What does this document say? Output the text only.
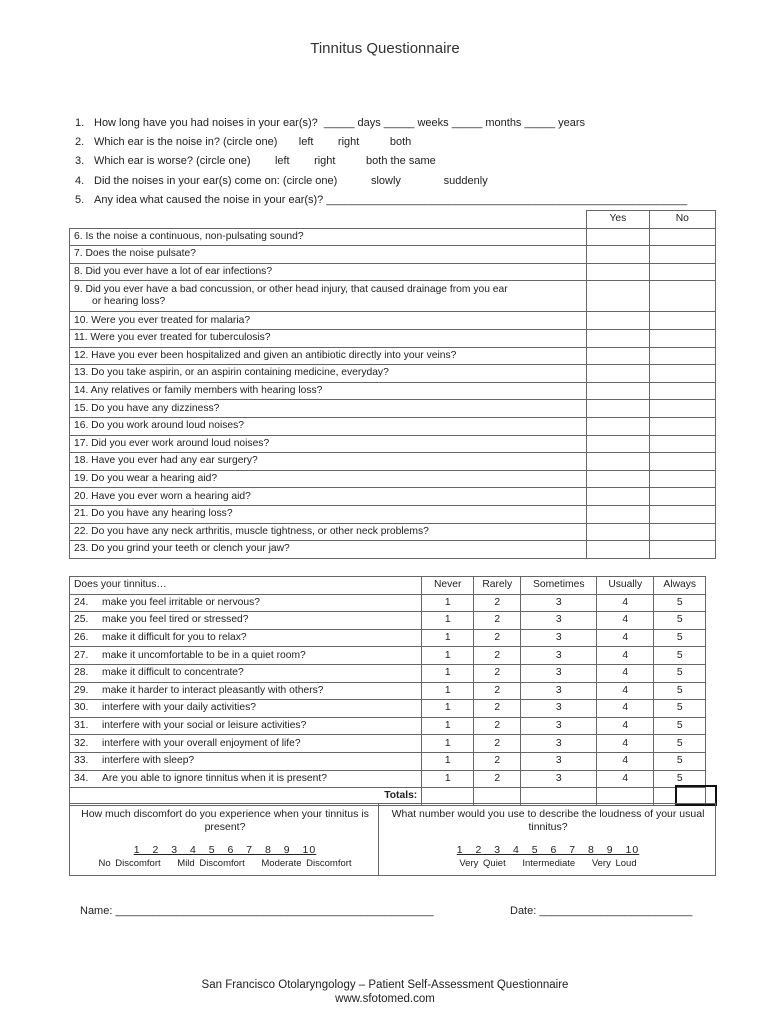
Tinnitus Questionnaire
1. How long have you had noises in your ear(s)?  _____ days _____ weeks _____ months _____ years
2. Which ear is the noise in? (circle one)       left        right          both
3. Which ear is worse? (circle one)        left        right          both the same
4. Did the noises in your ear(s) come on: (circle one)           slowly              suddenly
5. Any idea what caused the noise in your ear(s)? ___________________________________________________________
	Yes	No
6. Is the noise a continuous, non-pulsating sound?		
7. Does the noise pulsate?		
8. Did you ever have a lot of ear infections?		
9. Did you ever have a bad concussion, or other head injury, that caused drainage from you ear
or hearing loss?		

10. Were you ever treated for malaria?		
11. Were you ever treated for tuberculosis?		
12. Have you ever been hospitalized and given an antibiotic directly into your veins?		
13. Do you take aspirin, or an aspirin containing medicine, everyday?		
14. Any relatives or family members with hearing loss?		
15. Do you have any dizziness?		
16. Do you work around loud noises?		
17. Did you ever work around loud noises?		
18. Have you ever had any ear surgery?		
19. Do you wear a hearing aid?		
20. Have you ever worn a hearing aid?		
21. Do you have any hearing loss?		
22. Do you have any neck arthritis, muscle tightness, or other neck problems?		
23. Do you grind your teeth or clench your jaw?		
Does your tinnitus…		Never	Rarely	Sometimes	Usually	Always	
24.	make you feel irritable or nervous?	1	2	3	4	5	
25.	make you feel tired or stressed?	1	2	3	4	5	
26.	make it difficult for you to relax?	1	2	3	4	5	
27.	make it uncomfortable to be in a quiet room?	1	2	3	4	5	
28.	make it difficult to concentrate?	1	2	3	4	5	
29.	make it harder to interact pleasantly with others?	1	2	3	4	5	
30.	interfere with your daily activities?	1	2	3	4	5	
31.	interfere with your social or leisure activities?	1	2	3	4	5	
32.	interfere with your overall enjoyment of life?	1	2	3	4	5	
33.	interfere with sleep?	1	2	3	4	5	
34.	Are you able to ignore tinnitus when it is present?	1	2	3	4	5	
Totals:							
How much discomfort do you experience when your tinnitus is present?
1 2 3 4 5 6 7 8 9 10
No Discomfort Mild Discomfort Moderate Discomfort
What number would you use to describe the loudness of your usual tinnitus?
1 2 3 4 5 6 7 8 9 10
Very Quiet Intermediate Very Loud
Name: ____________________________________________________	Date: _________________________
San Francisco Otolaryngology – Patient Self-Assessment Questionnaire
www.sfotomed.com
